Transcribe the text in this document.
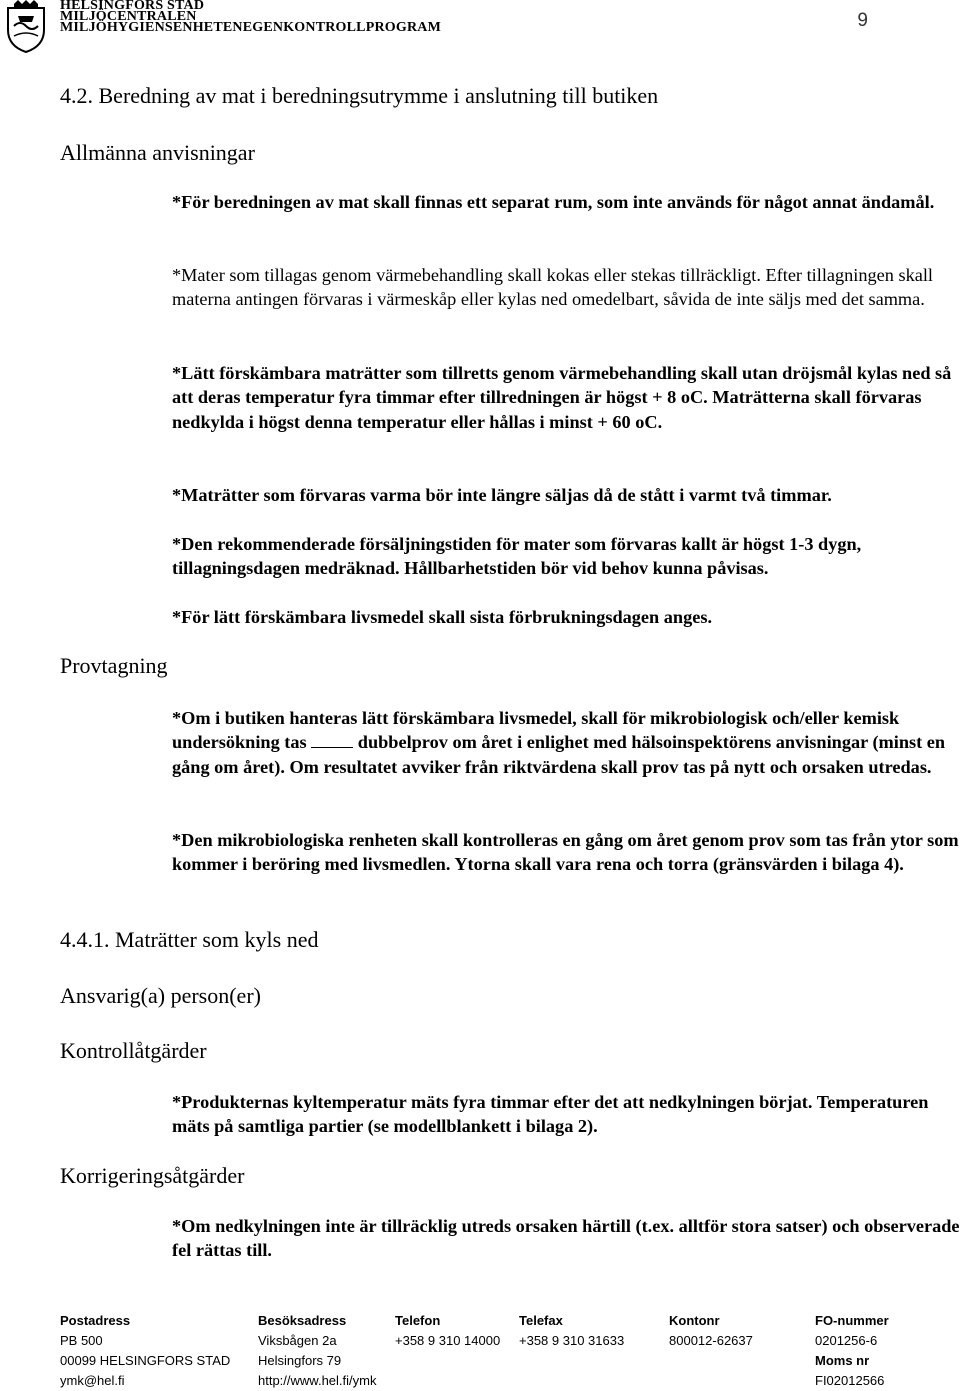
HELSINGFORS STAD
MILJÖCENTRALEN
MILJÖHYGIENSENHETENEGENKONTROLLPROGRAM	9
4.2. Beredning av mat i beredningsutrymme i anslutning till butiken
Allmänna anvisningar
*För beredningen av mat skall finnas ett separat rum, som inte används för något annat ändamål.
*Mater som tillagas genom värmebehandling skall kokas eller stekas tillräckligt. Efter tillagningen skall materna antingen förvaras i värmeskåp eller kylas ned omedelbart, såvida de inte säljs med det samma.
*Lätt förskämbara maträtter som tillretts genom värmebehandling skall utan dröjsmål kylas ned så att deras temperatur fyra timmar efter tillredningen är högst + 8 oC. Maträtterna skall förvaras nedkylda i högst denna temperatur eller hållas i minst + 60 oC.
*Maträtter som förvaras varma bör inte längre säljas då de stått i varmt två timmar.
*Den rekommenderade försäljningstiden för mater som förvaras kallt är högst 1-3 dygn, tillagningsdagen medräknad. Hållbarhetstiden bör vid behov kunna påvisas.
*För lätt förskämbara livsmedel skall sista förbrukningsdagen anges.
Provtagning
*Om i butiken hanteras lätt förskämbara livsmedel, skall för mikrobiologisk och/eller kemisk undersökning tas	dubbelprov om året i enlighet med hälsoinspektörens anvisningar (minst en gång om året). Om resultatet avviker från riktvärdena skall prov tas på nytt och orsaken utredas.
*Den mikrobiologiska renheten skall kontrolleras en gång om året genom prov som tas från ytor som kommer i beröring med livsmedlen. Ytorna skall vara rena och torra (gränsvärden i bilaga 4).
4.4.1. Maträtter som kyls ned
Ansvarig(a) person(er)
Kontrollåtgärder
*Produkternas kyltemperatur mäts fyra timmar efter det att nedkylningen börjat. Temperaturen mäts på samtliga partier (se modellblankett i bilaga 2).
Korrigeringsåtgärder
*Om nedkylningen inte är tillräcklig utreds orsaken härtill (t.ex. alltför stora satser) och observerade fel rättas till.
Postadress
PB 500
00099 HELSINGFORS STAD
ymk@hel.fi
Besöksadress
Viksbågen 2a
Helsingfors 79
http://www.hel.fi/ymk
Telefon
+358 9 310 14000
Telefax
+358 9 310 31633
Kontonr
800012-62637
FO-nummer
0201256-6
Moms nr
FI02012566
